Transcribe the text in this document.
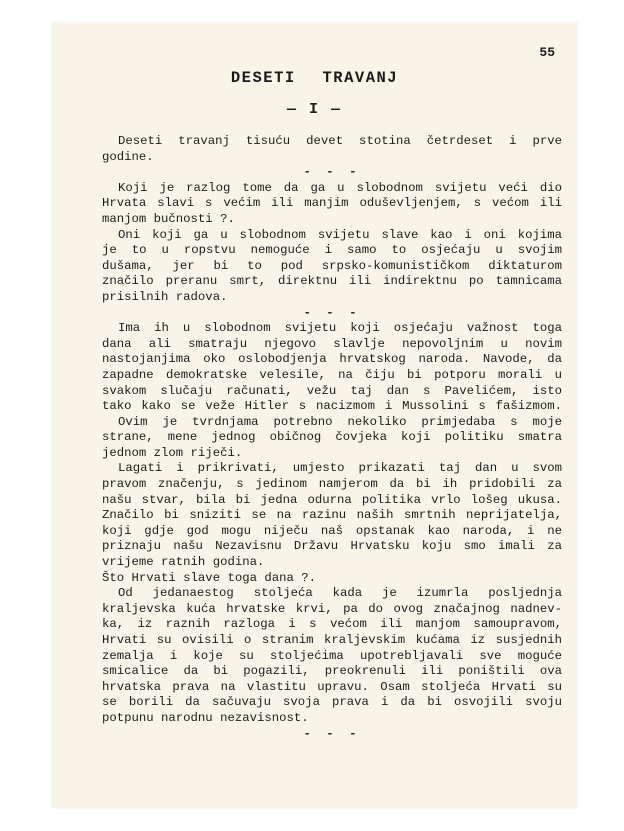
55
DESETI TRAVANJ
— I —
Deseti travanj tisuću devet stotina četrdeset i prve
godine.
- - -
Koji je razlog tome da ga u slobodnom svijetu veći dio
Hrvata slavi s većim ili manjim oduševljenjem, s većom ili
manjom bučnosti ?.
Oni koji ga u slobodnom svijetu slave kao i oni kojima
je to u ropstvu nemoguće i samo to osjećaju u svojim
dušama, jer bi to pod srpsko-komunističkom diktaturom
značilo preranu smrt, direktnu ili indirektnu po tamnicama
prisilnih radova.
- - -
Ima ih u slobodnom svijetu koji osjećaju važnost toga
dana ali smatraju njegovo slavlje nepovoljnim u novim
nastojanjima oko oslobodjenja hrvatskog naroda. Navode, da
zapadne demokratske velesile, na čiju bi potporu morali u
svakom slučaju računati, vežu taj dan s Pavelićem, isto
tako kako se veže Hitler s nacizmom i Mussolini s fašizmom.
Ovim je tvrdnjama potrebno nekoliko primjedaba s moje
strane, mene jednog običnog čovjeka koji politiku smatra
jednom zlom riječi.
Lagati i prikrivati, umjesto prikazati taj dan u svom
pravom značenju, s jedinom namjerom da bi ih pridobili za
našu stvar, bila bi jedna odurna politika vrlo lošeg ukusa.
Značilo bi sniziti se na razinu naših smrtnih neprijatelja,
koji gdje god mogu niječu naš opstanak kao naroda, i ne
priznaju našu Nezavisnu Državu Hrvatsku koju smo imali za
vrijeme ratnih godina.
Što Hrvati slave toga dana ?.
Od jedanaestog stoljeća kada je izumrla posljednja
kraljevska kuća hrvatske krvi, pa do ovog značajnog nadnev-
ka, iz raznih razloga i s većom ili manjom samoupravom,
Hrvati su ovisili o stranim kraljevskim kućama iz susjednih
zemalja i koje su stoljećima upotrebljavali sve moguće
smicalice da bi pogazili, preokrenuli ili poništili ova
hrvatska prava na vlastitu upravu. Osam stoljeća Hrvati su
se borili da sačuvaju svoja prava i da bi osvojili svoju
potpunu narodnu nezavisnost.
- - -
